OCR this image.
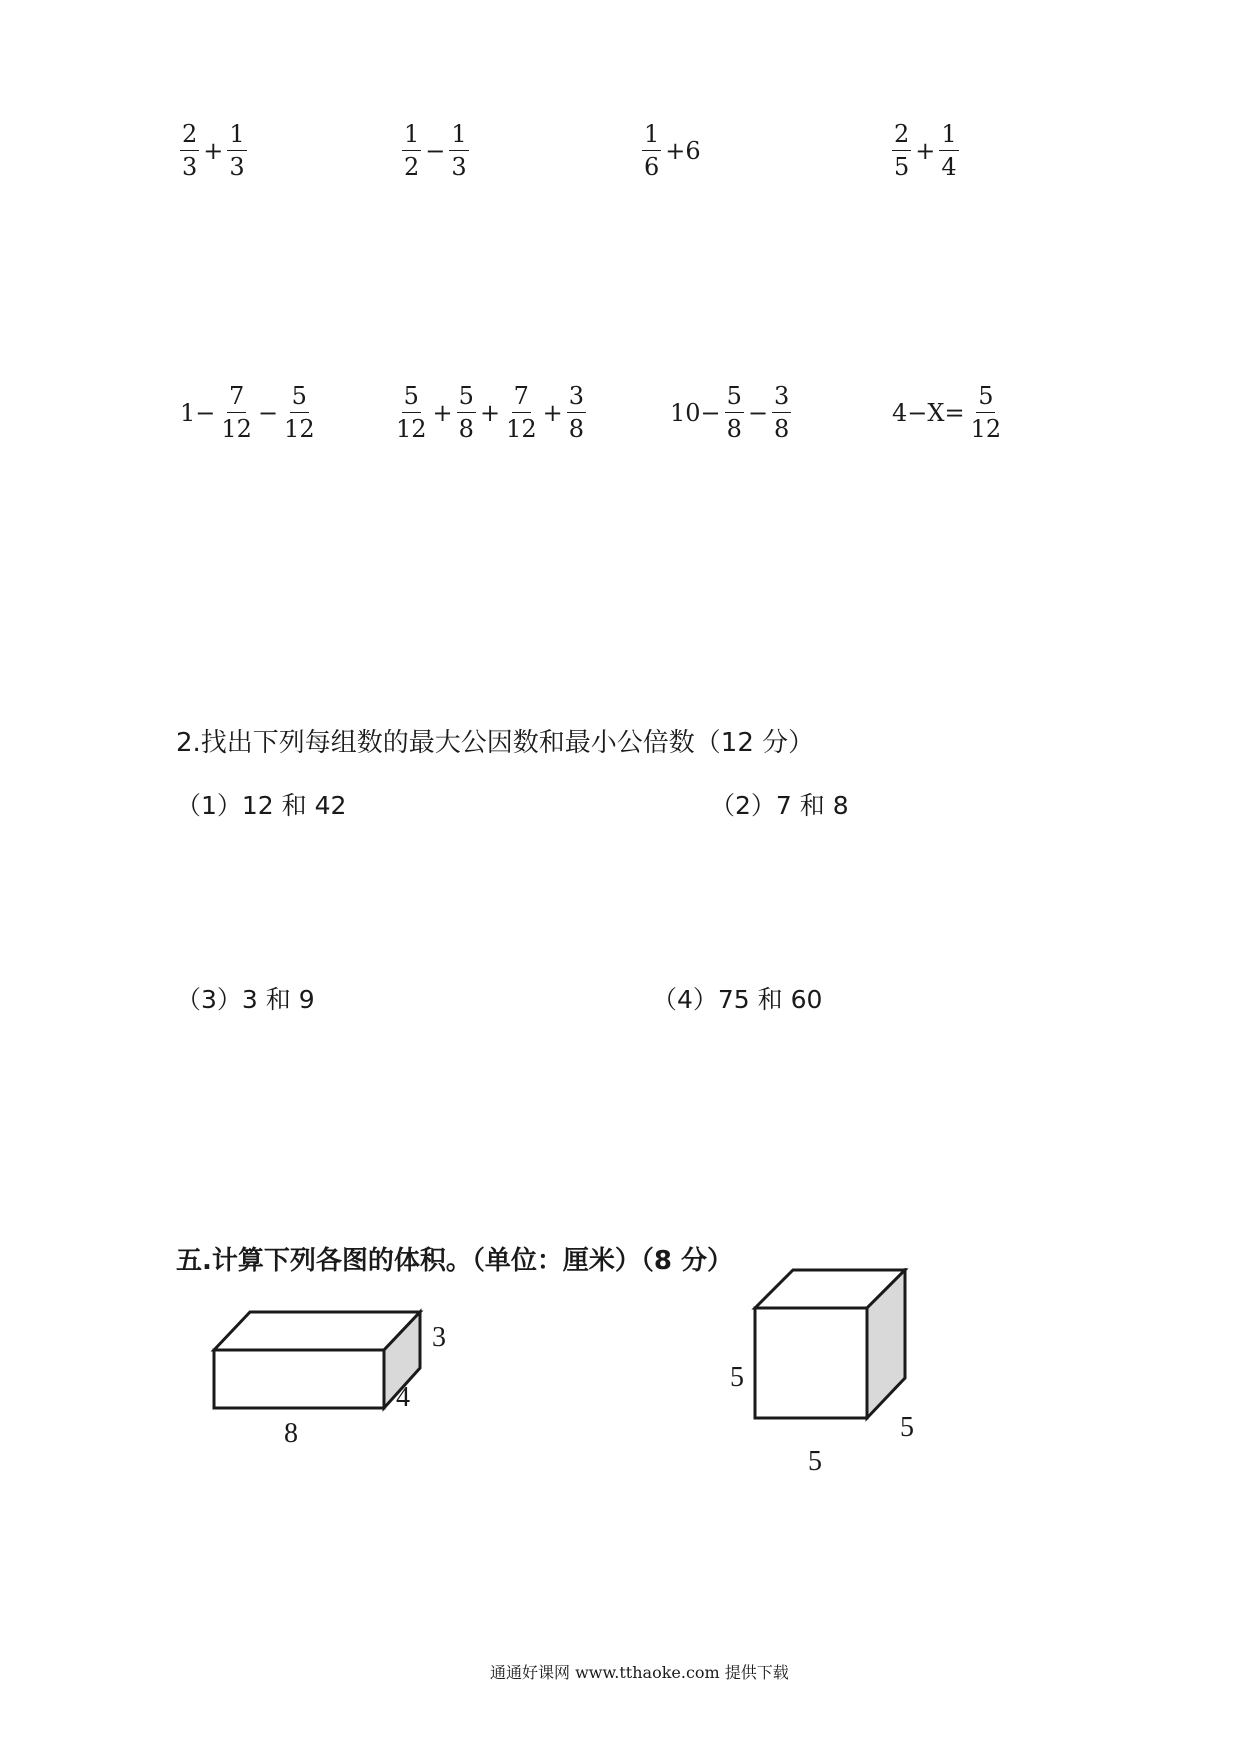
$\frac{2}{3} + \frac{1}{3}$	$\frac{1}{2} - \frac{1}{3}$	$\frac{1}{6} +6$	$\frac{2}{5} + \frac{1}{4}$
$1- \frac{7}{12} - \frac{5}{12}$	$\frac{5}{12} + \frac{5}{8} + \frac{7}{12} + \frac{3}{8}$	$10- \frac{5}{8} - \frac{3}{8}$	$4-X= \frac{5}{12}$
2.找出下列每组数的最大公因数和最小公倍数（12 分）
（1）12 和 42	（2）7 和 8
（3）3 和 9	（4）75 和 60
五.计算下列各图的体积。（单位：厘米）（8 分）
3
4
8
5
5
5
通通好课网 www.tthaoke.com 提供下载
